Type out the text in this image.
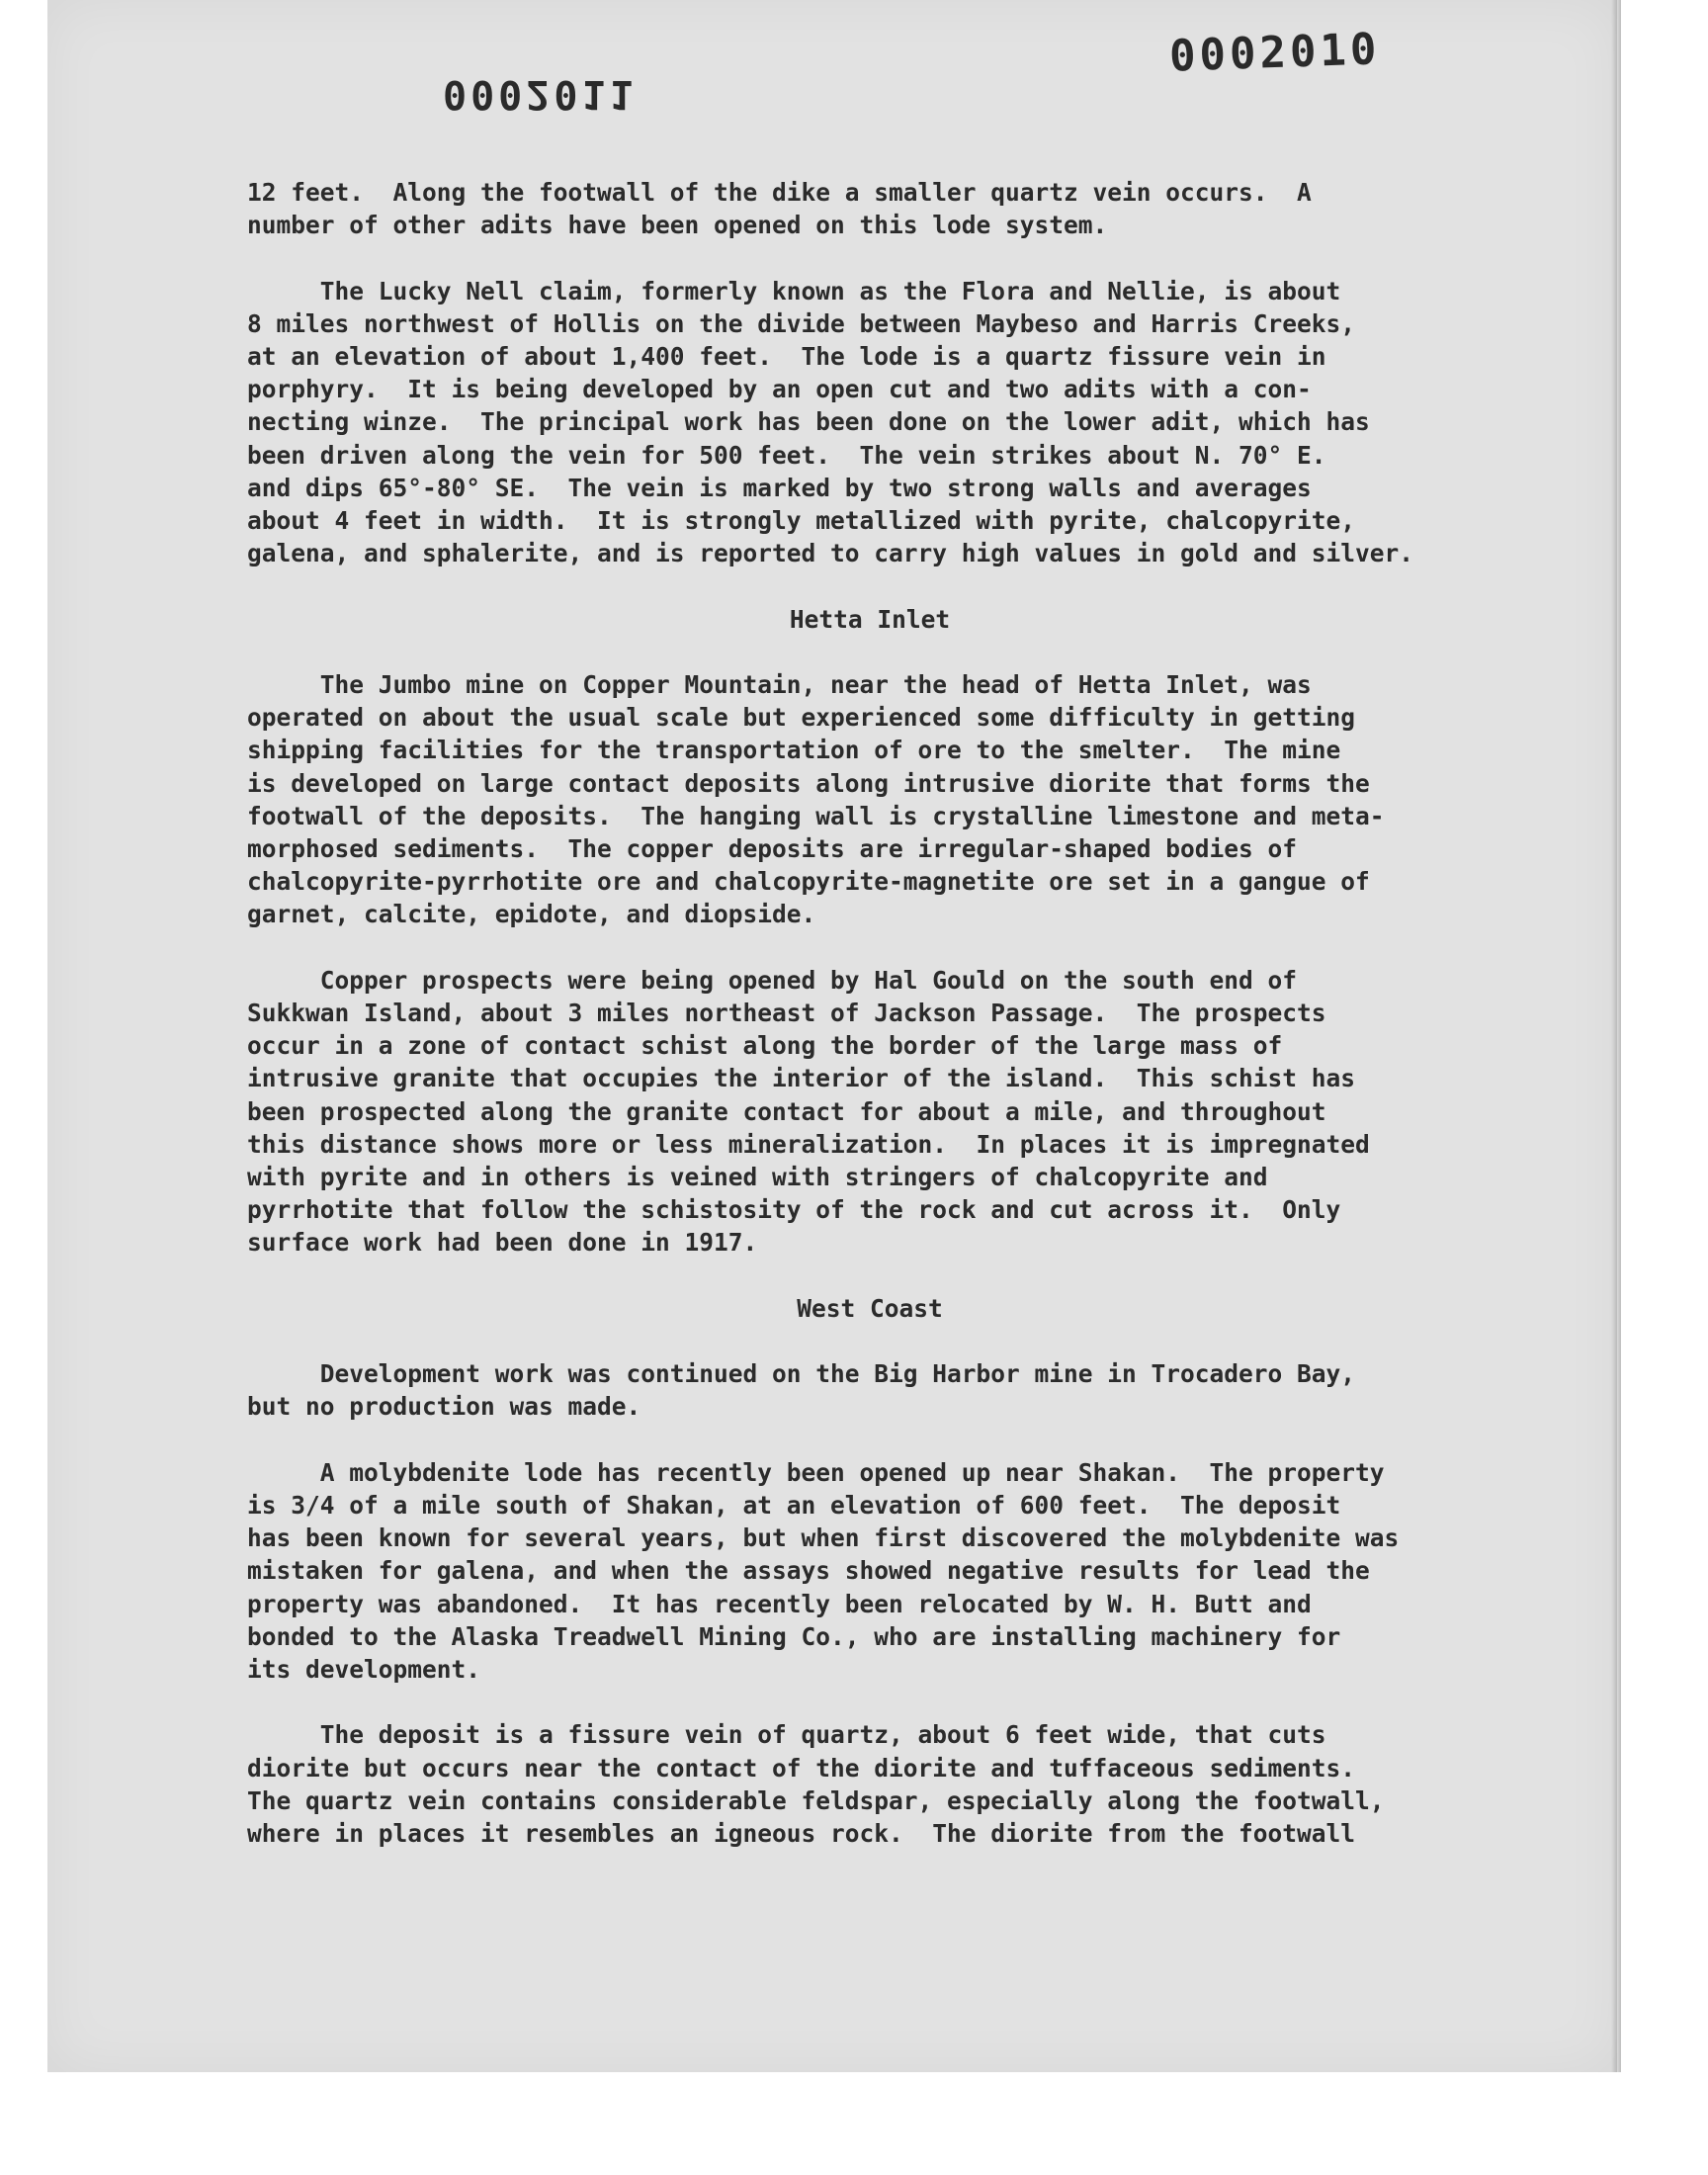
0002011
0002010
12 feet.  Along the footwall of the dike a smaller quartz vein occurs.  A
number of other adits have been opened on this lode system.
The Lucky Nell claim, formerly known as the Flora and Nellie, is about
8 miles northwest of Hollis on the divide between Maybeso and Harris Creeks,
at an elevation of about 1,400 feet.  The lode is a quartz fissure vein in
porphyry.  It is being developed by an open cut and two adits with a con-
necting winze.  The principal work has been done on the lower adit, which has
been driven along the vein for 500 feet.  The vein strikes about N. 70° E.
and dips 65°-80° SE.  The vein is marked by two strong walls and averages
about 4 feet in width.  It is strongly metallized with pyrite, chalcopyrite,
galena, and sphalerite, and is reported to carry high values in gold and silver.
Hetta Inlet
The Jumbo mine on Copper Mountain, near the head of Hetta Inlet, was
operated on about the usual scale but experienced some difficulty in getting
shipping facilities for the transportation of ore to the smelter.  The mine
is developed on large contact deposits along intrusive diorite that forms the
footwall of the deposits.  The hanging wall is crystalline limestone and meta-
morphosed sediments.  The copper deposits are irregular-shaped bodies of
chalcopyrite-pyrrhotite ore and chalcopyrite-magnetite ore set in a gangue of
garnet, calcite, epidote, and diopside.
Copper prospects were being opened by Hal Gould on the south end of
Sukkwan Island, about 3 miles northeast of Jackson Passage.  The prospects
occur in a zone of contact schist along the border of the large mass of
intrusive granite that occupies the interior of the island.  This schist has
been prospected along the granite contact for about a mile, and throughout
this distance shows more or less mineralization.  In places it is impregnated
with pyrite and in others is veined with stringers of chalcopyrite and
pyrrhotite that follow the schistosity of the rock and cut across it.  Only
surface work had been done in 1917.
West Coast
Development work was continued on the Big Harbor mine in Trocadero Bay,
but no production was made.
A molybdenite lode has recently been opened up near Shakan.  The property
is 3/4 of a mile south of Shakan, at an elevation of 600 feet.  The deposit
has been known for several years, but when first discovered the molybdenite was
mistaken for galena, and when the assays showed negative results for lead the
property was abandoned.  It has recently been relocated by W. H. Butt and
bonded to the Alaska Treadwell Mining Co., who are installing machinery for
its development.
The deposit is a fissure vein of quartz, about 6 feet wide, that cuts
diorite but occurs near the contact of the diorite and tuffaceous sediments.
The quartz vein contains considerable feldspar, especially along the footwall,
where in places it resembles an igneous rock.  The diorite from the footwall
